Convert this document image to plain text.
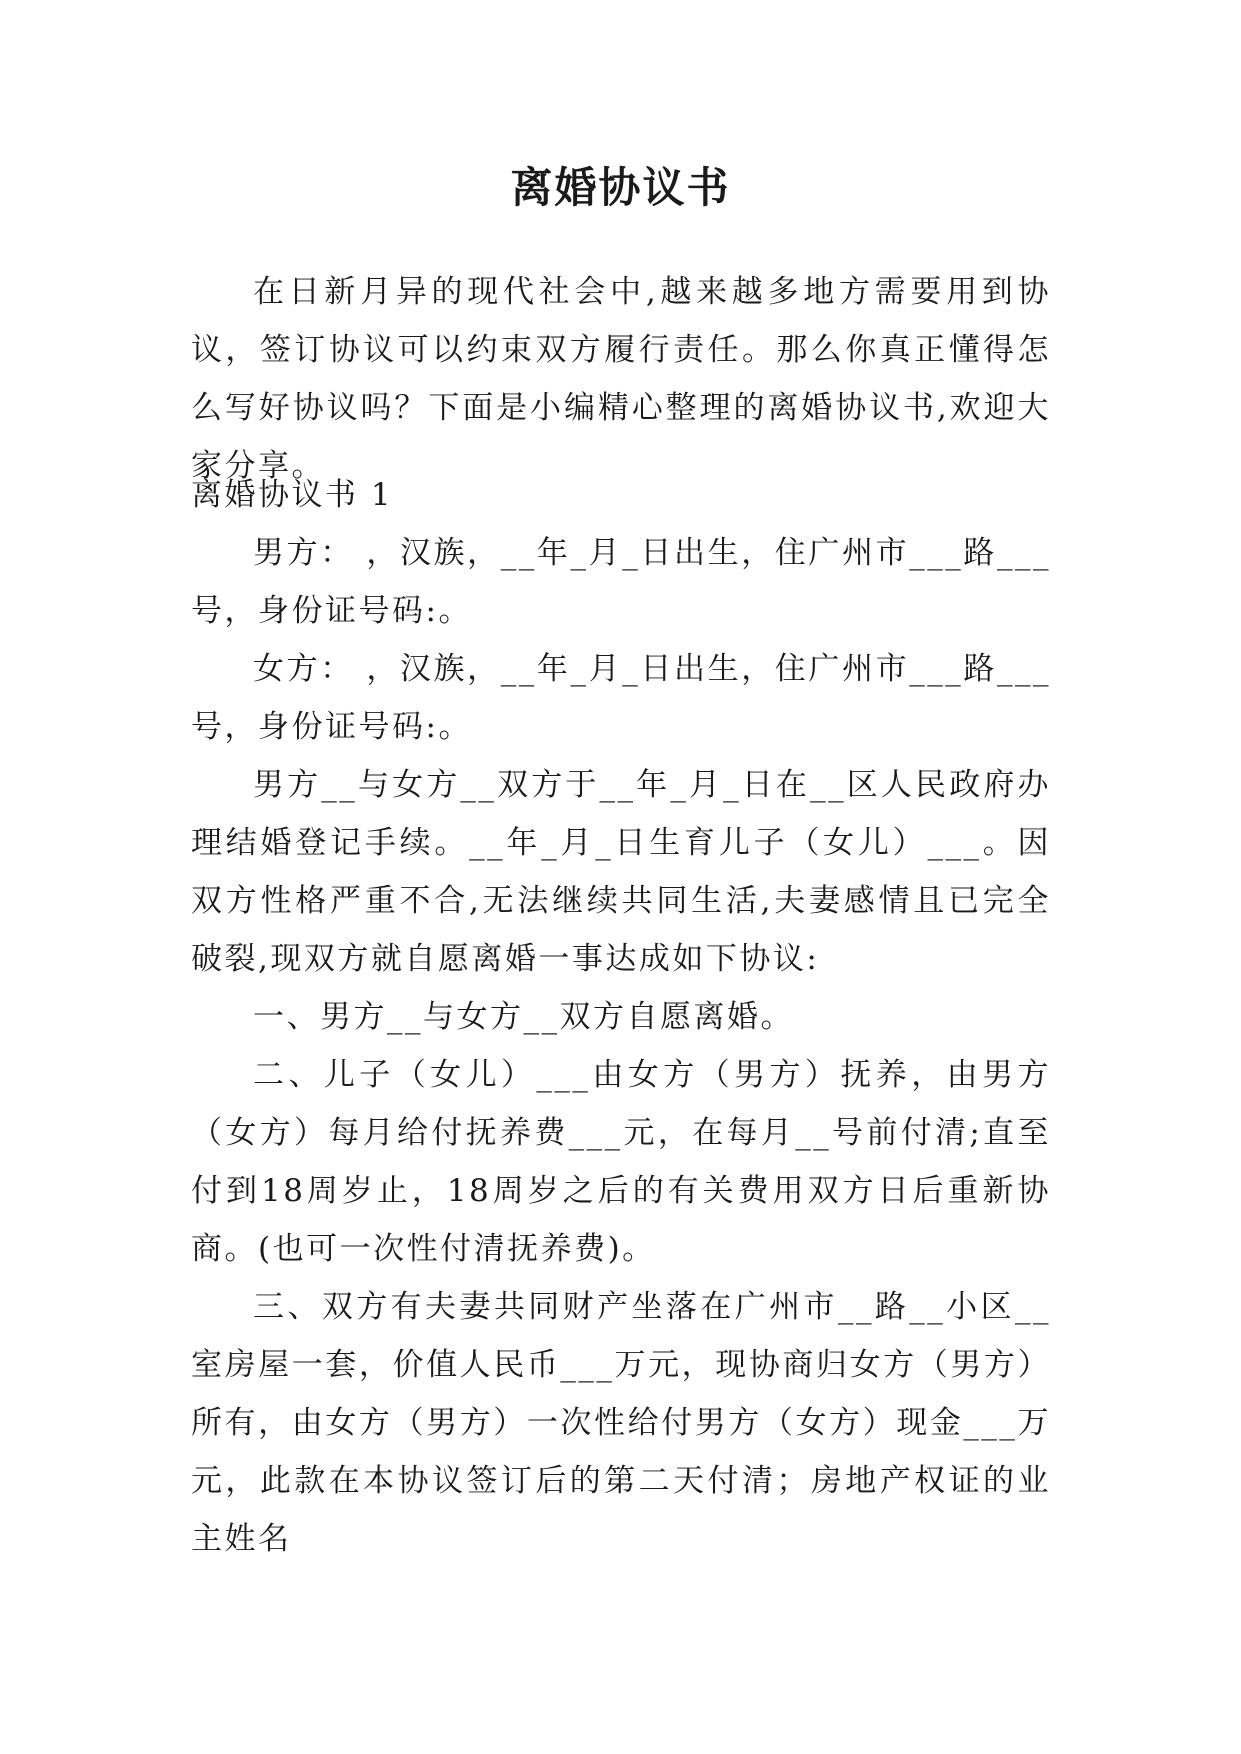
离婚协议书

在日新月异的现代社会中,越来越多地方需要用到协议，签订协议可以约束双方履行责任。那么你真正懂得怎么写好协议吗？下面是小编精心整理的离婚协议书,欢迎大家分享。

离婚协议书 1

男方： ，汉族，__年_月_日出生，住广州市___路___号，身份证号码:。

女方： ，汉族，__年_月_日出生，住广州市___路___号，身份证号码:。

男方__与女方__双方于__年_月_日在__区人民政府办理结婚登记手续。__年_月_日生育儿子（女儿）___。因双方性格严重不合,无法继续共同生活,夫妻感情且已完全破裂,现双方就自愿离婚一事达成如下协议:

一、男方__与女方__双方自愿离婚。

二、儿子（女儿）___由女方（男方）抚养，由男方（女方）每月给付抚养费___元，在每月__号前付清;直至付到18周岁止，18周岁之后的有关费用双方日后重新协商。(也可一次性付清抚养费)。

三、双方有夫妻共同财产坐落在广州市__路__小区__室房屋一套，价值人民币___万元，现协商归女方（男方）所有，由女方（男方）一次性给付男方（女方）现金___万元，此款在本协议签订后的第二天付清；房地产权证的业主姓名
